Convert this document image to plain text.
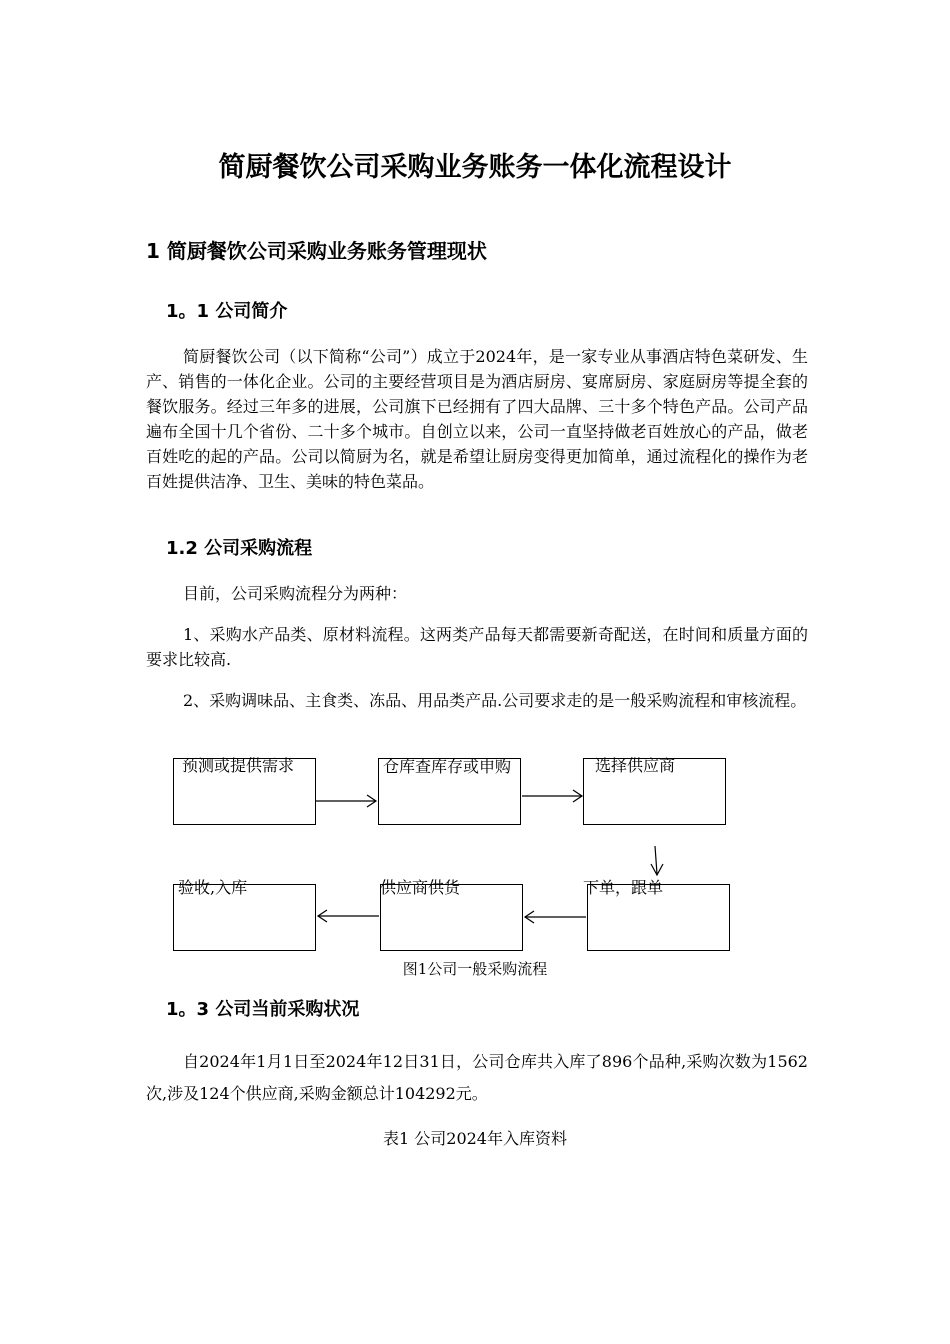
简厨餐饮公司采购业务账务一体化流程设计
1 简厨餐饮公司采购业务账务管理现状
1。1 公司简介

简厨餐饮公司（以下简称“公司”）成立于2024年，是一家专业从事酒店特色菜研发、生产、销售的一体化企业。公司的主要经营项目是为酒店厨房、宴席厨房、家庭厨房等提全套的餐饮服务。经过三年多的进展，公司旗下已经拥有了四大品牌、三十多个特色产品。公司产品遍布全国十几个省份、二十多个城市。自创立以来，公司一直坚持做老百姓放心的产品，做老百姓吃的起的产品。公司以简厨为名，就是希望让厨房变得更加简单，通过流程化的操作为老百姓提供洁净、卫生、美味的特色菜品。

1.2 公司采购流程

目前，公司采购流程分为两种：

1、采购水产品类、原材料流程。这两类产品每天都需要新奇配送，在时间和质量方面的要求比较高.

2、采购调味品、主食类、冻品、用品类产品.公司要求走的是一般采购流程和审核流程。

预测或提供需求	仓库查库存或申购	选择供应商
下单，跟单
供应商供货
验收,入库

图1公司一般采购流程

1。3 公司当前采购状况

自2024年1月1日至2024年12日31日，公司仓库共入库了896个品种,采购次数为1562次,涉及124个供应商,采购金额总计104292元。

表1 公司2024年入库资料
